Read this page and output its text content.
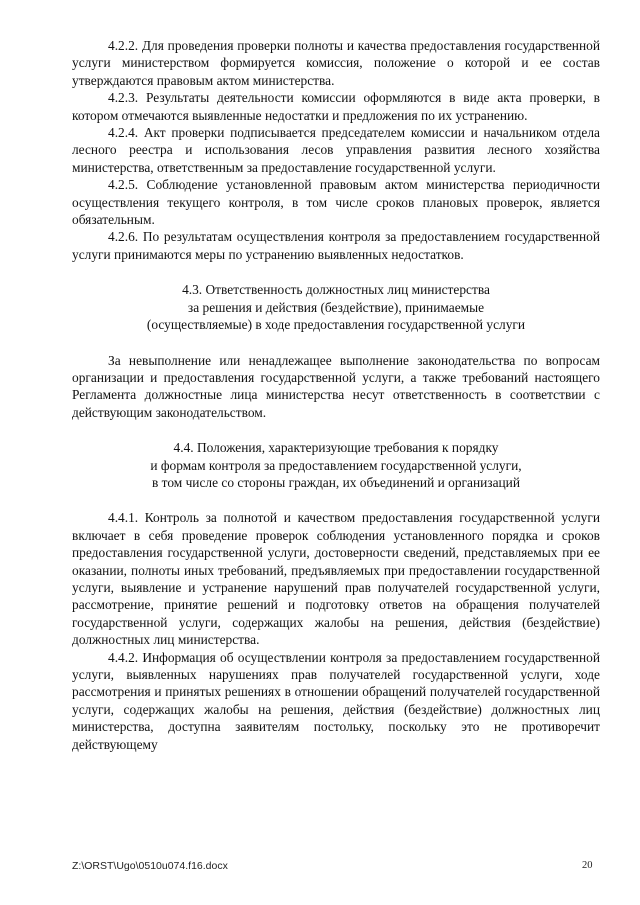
4.2.2. Для проведения проверки полноты и качества предоставления государственной услуги министерством формируется комиссия, положение о которой и ее состав утверждаются правовым актом министерства.

4.2.3. Результаты деятельности комиссии оформляются в виде акта проверки, в котором отмечаются выявленные недостатки и предложения по их устранению.

4.2.4. Акт проверки подписывается председателем комиссии и начальником отдела лесного реестра и использования лесов управления развития лесного хозяйства министерства, ответственным за предоставление государственной услуги.

4.2.5. Соблюдение установленной правовым актом министерства периодичности осуществления текущего контроля, в том числе сроков плановых проверок, является обязательным.

4.2.6. По результатам осуществления контроля за предоставлением государственной услуги принимаются меры по устранению выявленных недостатков.

4.3. Ответственность должностных лиц министерства

за решения и действия (бездействие), принимаемые

(осуществляемые) в ходе предоставления государственной услуги

За невыполнение или ненадлежащее выполнение законодательства по вопросам организации и предоставления государственной услуги, а также требований настоящего Регламента должностные лица министерства несут ответственность в соответствии с действующим законодательством.

4.4. Положения, характеризующие требования к порядку

и формам контроля за предоставлением государственной услуги,

в том числе со стороны граждан, их объединений и организаций

4.4.1. Контроль за полнотой и качеством предоставления государственной услуги включает в себя проведение проверок соблюдения установленного порядка и сроков предоставления государственной услуги, достоверности сведений, представляемых при ее оказании, полноты иных требований, предъявляемых при предоставлении государственной услуги, выявление и устранение нарушений прав получателей государственной услуги, рассмотрение, принятие решений и подготовку ответов на обращения получателей государственной услуги, содержащих жалобы на решения, действия (бездействие) должностных лиц министерства.

4.4.2. Информация об осуществлении контроля за предоставлением государственной услуги, выявленных нарушениях прав получателей государственной услуги, ходе рассмотрения и принятых решениях в отношении обращений получателей государственной услуги, содержащих жалобы на решения, действия (бездействие) должностных лиц министерства, доступна заявителям постольку, поскольку это не противоречит действующему

Z:\ORST\Ugo\0510u074.f16.docx	20
